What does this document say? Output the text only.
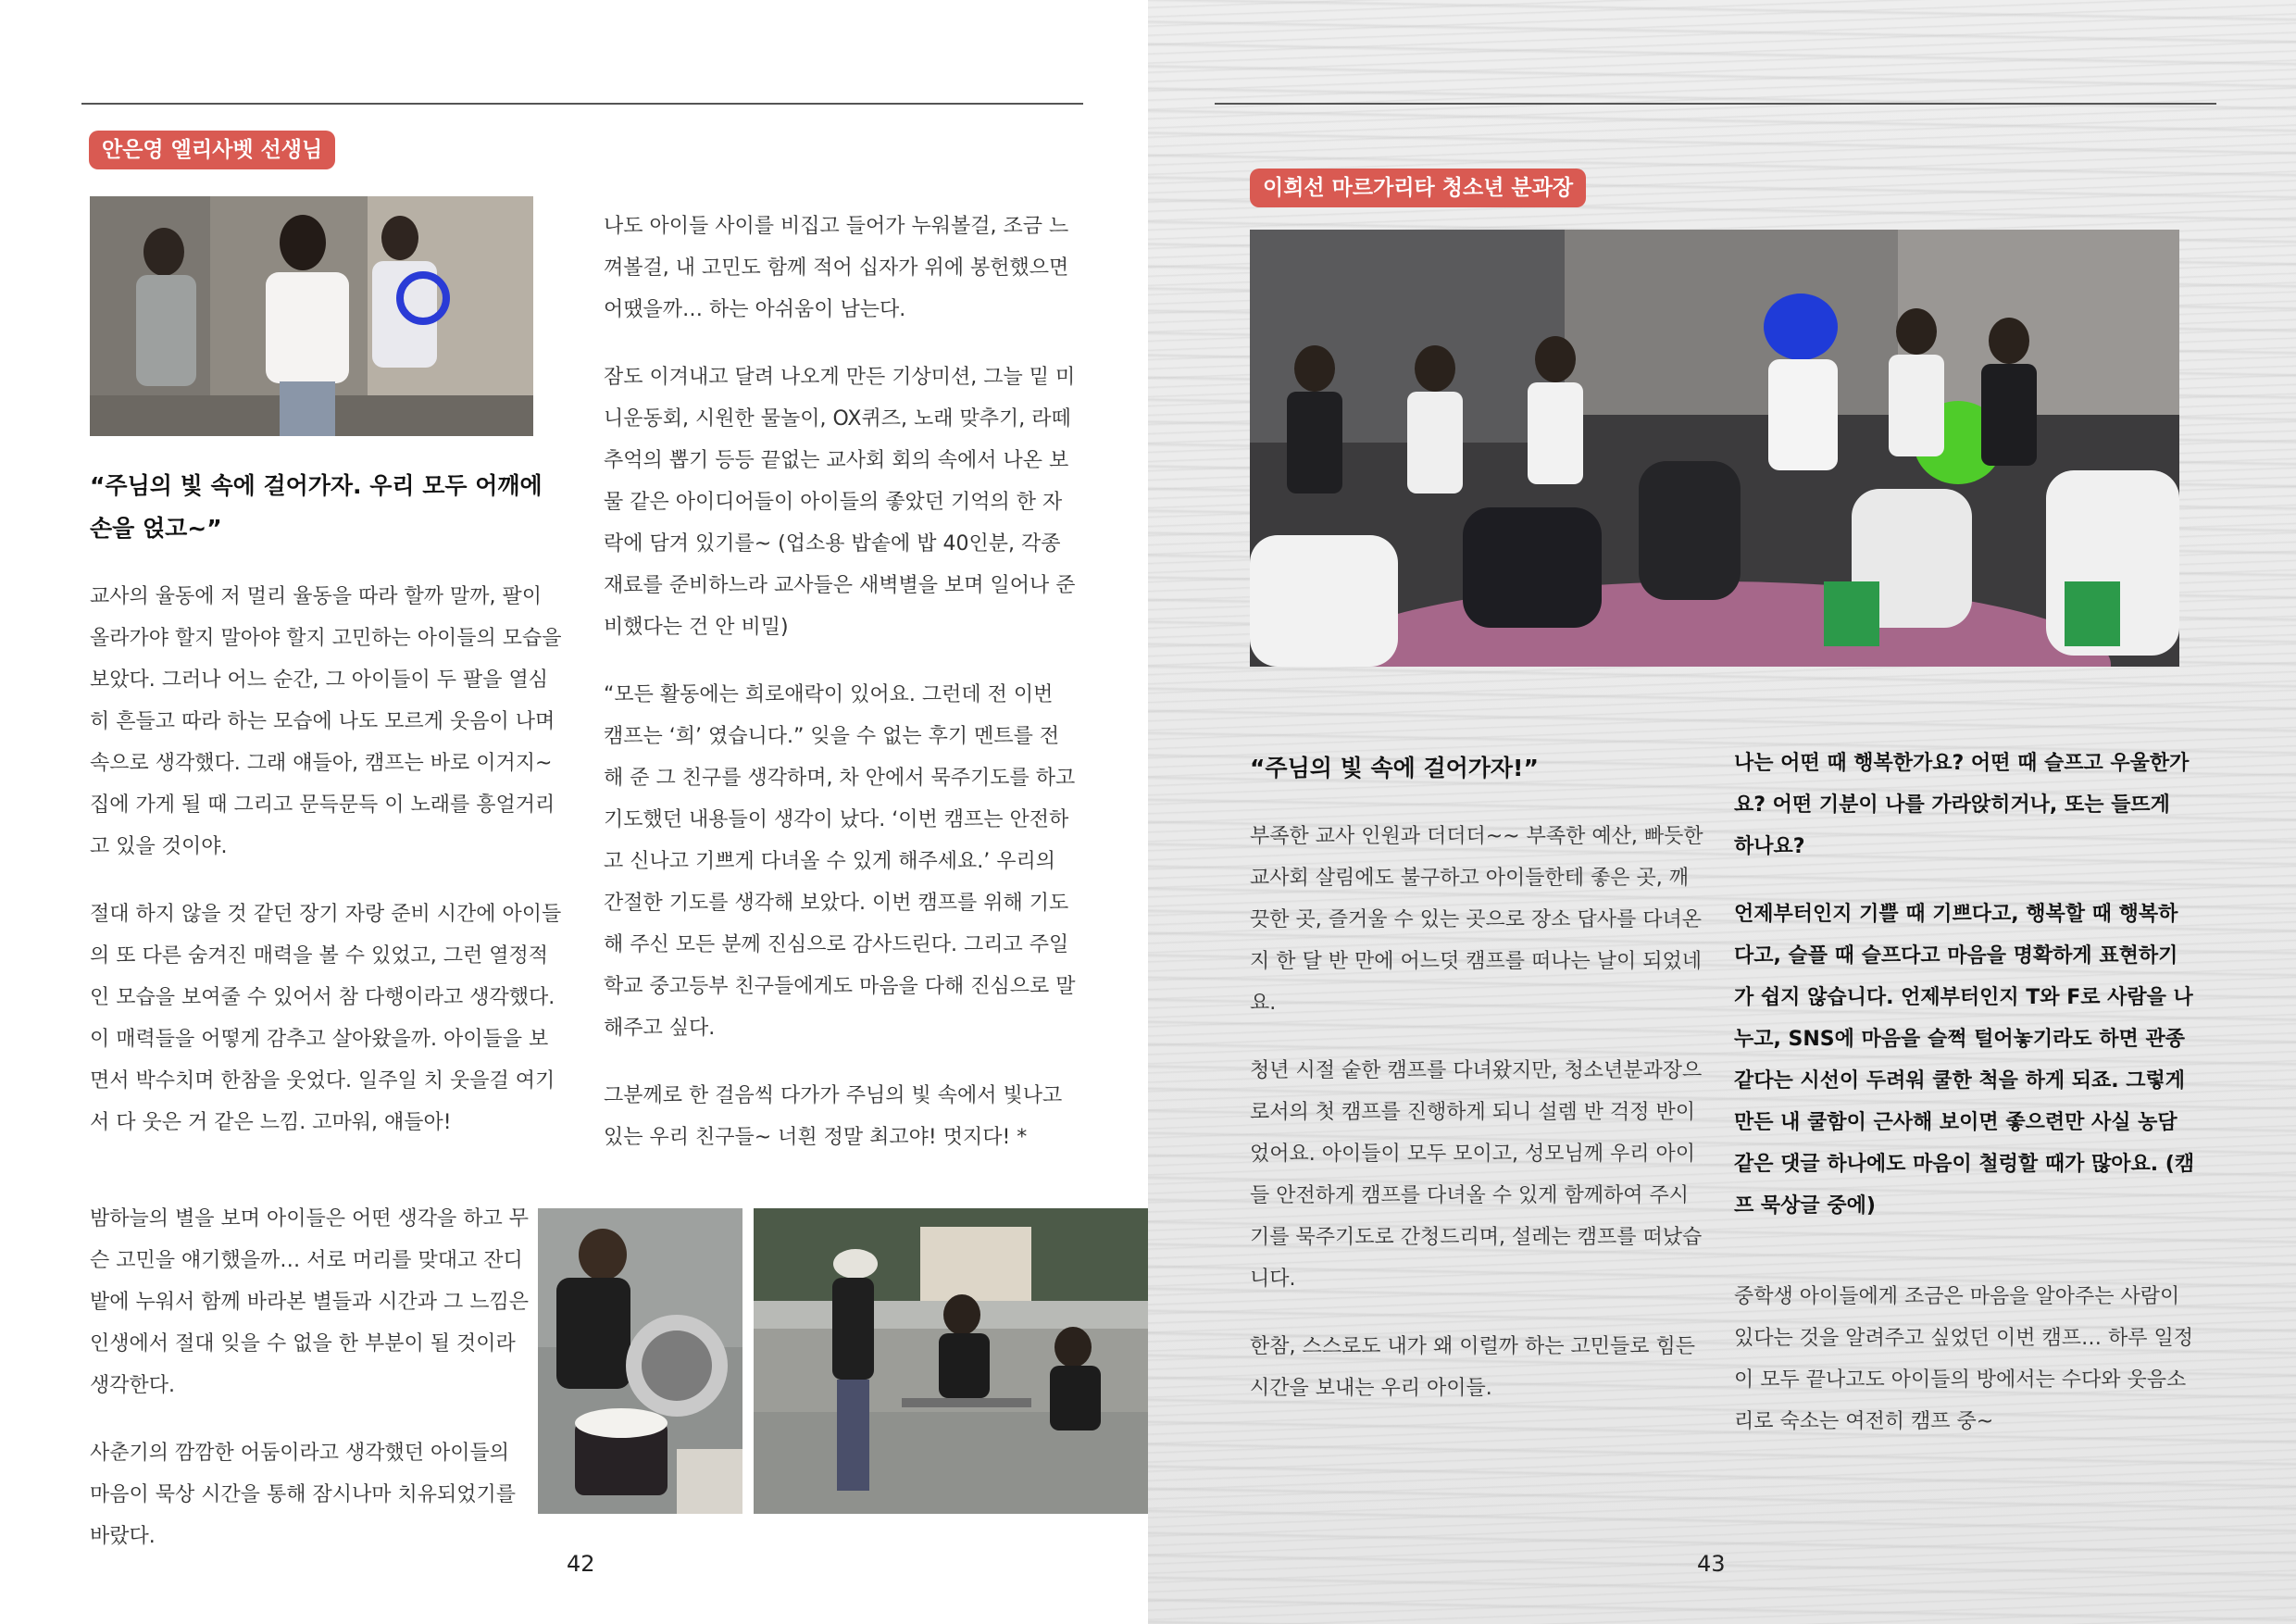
안은영 엘리사벳 선생님

“주님의 빛 속에 걸어가자. 우리 모두 어깨에 손을 얹고~”

교사의 율동에 저 멀리 율동을 따라 할까 말까, 팔이 올라가야 할지 말아야 할지 고민하는 아이들의 모습을 보았다. 그러나 어느 순간, 그 아이들이 두 팔을 열심히 흔들고 따라 하는 모습에 나도 모르게 웃음이 나며 속으로 생각했다. 그래 얘들아, 캠프는 바로 이거지~ 집에 가게 될 때 그리고 문득문득 이 노래를 흥얼거리고 있을 것이야.

절대 하지 않을 것 같던 장기 자랑 준비 시간에 아이들의 또 다른 숨겨진 매력을 볼 수 있었고, 그런 열정적인 모습을 보여줄 수 있어서 참 다행이라고 생각했다. 이 매력들을 어떻게 감추고 살아왔을까. 아이들을 보면서 박수치며 한참을 웃었다. 일주일 치 웃을걸 여기서 다 웃은 거 같은 느낌. 고마워, 얘들아!

밤하늘의 별을 보며 아이들은 어떤 생각을 하고 무슨 고민을 얘기했을까… 서로 머리를 맞대고 잔디밭에 누워서 함께 바라본 별들과 시간과 그 느낌은 인생에서 절대 잊을 수 없을 한 부분이 될 것이라 생각한다.

사춘기의 깜깜한 어둠이라고 생각했던 아이들의 마음이 묵상 시간을 통해 잠시나마 치유되었기를 바랐다.

나도 아이들 사이를 비집고 들어가 누워볼걸, 조금 느껴볼걸, 내 고민도 함께 적어 십자가 위에 봉헌했으면 어땠을까… 하는 아쉬움이 남는다.

잠도 이겨내고 달려 나오게 만든 기상미션, 그늘 밑 미니운동회, 시원한 물놀이, OX퀴즈, 노래 맞추기, 라떼 추억의 뽑기 등등 끝없는 교사회 회의 속에서 나온 보물 같은 아이디어들이 아이들의 좋았던 기억의 한 자락에 담겨 있기를~ (업소용 밥솥에 밥 40인분, 각종 재료를 준비하느라 교사들은 새벽별을 보며 일어나 준비했다는 건 안 비밀)

“모든 활동에는 희로애락이 있어요. 그런데 전 이번 캠프는 ‘희’ 였습니다.” 잊을 수 없는 후기 멘트를 전해 준 그 친구를 생각하며, 차 안에서 묵주기도를 하고 기도했던 내용들이 생각이 났다. ‘이번 캠프는 안전하고 신나고 기쁘게 다녀올 수 있게 해주세요.’ 우리의 간절한 기도를 생각해 보았다. 이번 캠프를 위해 기도해 주신 모든 분께 진심으로 감사드린다. 그리고 주일학교 중고등부 친구들에게도 마음을 다해 진심으로 말해주고 싶다.

그분께로 한 걸음씩 다가가 주님의 빛 속에서 빛나고 있는 우리 친구들~ 너흰 정말 최고야! 멋지다! *

42
이희선 마르가리타 청소년 분과장

“주님의 빛 속에 걸어가자!”

부족한 교사 인원과 더더더~~ 부족한 예산, 빠듯한 교사회 살림에도 불구하고 아이들한테 좋은 곳, 깨끗한 곳, 즐거울 수 있는 곳으로 장소 답사를 다녀온 지 한 달 반 만에 어느덧 캠프를 떠나는 날이 되었네요.

청년 시절 숱한 캠프를 다녀왔지만, 청소년분과장으로서의 첫 캠프를 진행하게 되니 설렘 반 걱정 반이었어요. 아이들이 모두 모이고, 성모님께 우리 아이들 안전하게 캠프를 다녀올 수 있게 함께하여 주시기를 묵주기도로 간청드리며, 설레는 캠프를 떠났습니다.

한참, 스스로도 내가 왜 이럴까 하는 고민들로 힘든 시간을 보내는 우리 아이들.

나는 어떤 때 행복한가요? 어떤 때 슬프고 우울한가요? 어떤 기분이 나를 가라앉히거나, 또는 들뜨게 하나요?

언제부터인지 기쁠 때 기쁘다고, 행복할 때 행복하다고, 슬플 때 슬프다고 마음을 명확하게 표현하기가 쉽지 않습니다. 언제부터인지 T와 F로 사람을 나누고, SNS에 마음을 슬쩍 털어놓기라도 하면 관종같다는 시선이 두려워 쿨한 척을 하게 되죠. 그렇게 만든 내 쿨함이 근사해 보이면 좋으련만 사실 농담 같은 댓글 하나에도 마음이 철렁할 때가 많아요. (캠프 묵상글 중에)

중학생 아이들에게 조금은 마음을 알아주는 사람이 있다는 것을 알려주고 싶었던 이번 캠프… 하루 일정이 모두 끝나고도 아이들의 방에서는 수다와 웃음소리로 숙소는 여전히 캠프 중~

43
